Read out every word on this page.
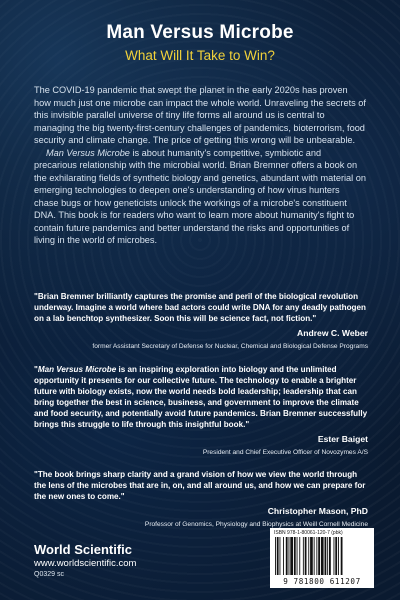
Man Versus Microbe
What Will It Take to Win?

The COVID-19 pandemic that swept the planet in the early 2020s has proven how much just one microbe can impact the whole world. Unraveling the secrets of this invisible parallel universe of tiny life forms all around us is central to managing the big twenty-first-century challenges of pandemics, bioterrorism, food security and climate change. The price of getting this wrong will be unbearable.

Man Versus Microbe is about humanity's competitive, symbiotic and precarious relationship with the microbial world. Brian Bremner offers a book on the exhilarating fields of synthetic biology and genetics, abundant with material on emerging technologies to deepen one's understanding of how virus hunters chase bugs or how geneticists unlock the workings of a microbe's constituent DNA. This book is for readers who want to learn more about humanity's fight to contain future pandemics and better understand the risks and opportunities of living in the world of microbes.

"Brian Bremner brilliantly captures the promise and peril of the biological revolution underway. Imagine a world where bad actors could write DNA for any deadly pathogen on a lab benchtop synthesizer. Soon this will be science fact, not fiction."

Andrew C. Weber

former Assistant Secretary of Defense for Nuclear, Chemical and Biological Defense Programs

"Man Versus Microbe is an inspiring exploration into biology and the unlimited opportunity it presents for our collective future. The technology to enable a brighter future with biology exists, now the world needs bold leadership; leadership that can bring together the best in science, business, and government to improve the climate and food security, and potentially avoid future pandemics. Brian Bremner successfully brings this struggle to life through this insightful book."

Ester Baiget

President and Chief Executive Officer of Novozymes A/S

"The book brings sharp clarity and a grand vision of how we view the world through the lens of the microbes that are in, on, and all around us, and how we can prepare for the new ones to come."

Christopher Mason, PhD

Professor of Genomics, Physiology and Biophysics at Weill Cornell Medicine

World Scientific
www.worldscientific.com
Q0329 sc
ISBN 978-1-80061-120-7 (pbk)
9 781800 611207
